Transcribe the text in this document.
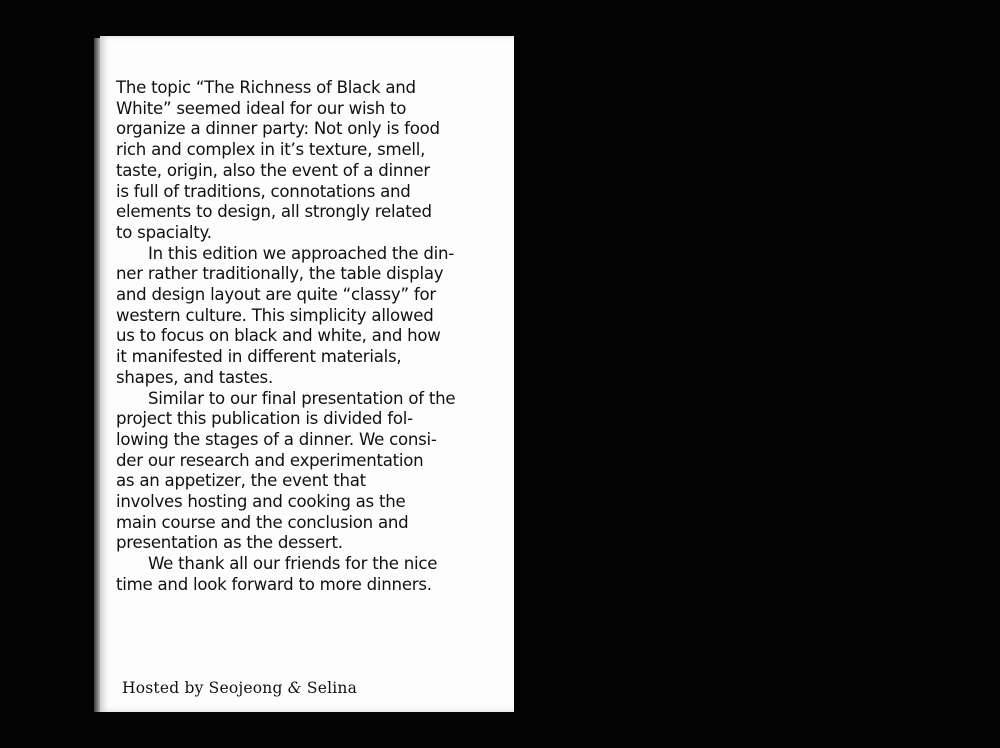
The topic “The Richness of Black and
White” seemed ideal for our wish to
organize a dinner party: Not only is food
rich and complex in it’s texture, smell,
taste, origin, also the event of a dinner
is full of traditions, connotations and
elements to design, all strongly related
to spacialty.
In this edition we approached the din-
ner rather traditionally, the table display
and design layout are quite “classy” for
western culture. This simplicity allowed
us to focus on black and white, and how
it manifested in different materials,
shapes, and tastes.
Similar to our final presentation of the
project this publication is divided fol-
lowing the stages of a dinner. We consi-
der our research and experimentation
as an appetizer, the event that
involves hosting and cooking as the
main course and the conclusion and
presentation as the dessert.
We thank all our friends for the nice
time and look forward to more dinners.
Hosted by Seojeong & Selina
